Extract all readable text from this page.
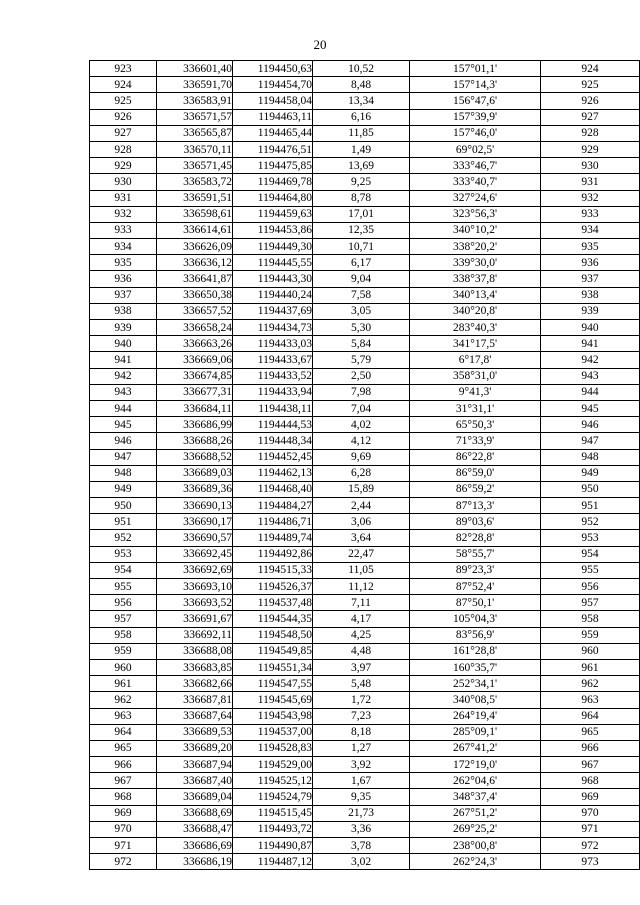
20
923	336601,40	1194450,63	10,52	157°01,1'	924
924	336591,70	1194454,70	8,48	157°14,3'	925
925	336583,91	1194458,04	13,34	156°47,6'	926
926	336571,57	1194463,11	6,16	157°39,9'	927
927	336565,87	1194465,44	11,85	157°46,0'	928
928	336570,11	1194476,51	1,49	69°02,5'	929
929	336571,45	1194475,85	13,69	333°46,7'	930
930	336583,72	1194469,78	9,25	333°40,7'	931
931	336591,51	1194464,80	8,78	327°24,6'	932
932	336598,61	1194459,63	17,01	323°56,3'	933
933	336614,61	1194453,86	12,35	340°10,2'	934
934	336626,09	1194449,30	10,71	338°20,2'	935
935	336636,12	1194445,55	6,17	339°30,0'	936
936	336641,87	1194443,30	9,04	338°37,8'	937
937	336650,38	1194440,24	7,58	340°13,4'	938
938	336657,52	1194437,69	3,05	340°20,8'	939
939	336658,24	1194434,73	5,30	283°40,3'	940
940	336663,26	1194433,03	5,84	341°17,5'	941
941	336669,06	1194433,67	5,79	6°17,8'	942
942	336674,85	1194433,52	2,50	358°31,0'	943
943	336677,31	1194433,94	7,98	9°41,3'	944
944	336684,11	1194438,11	7,04	31°31,1'	945
945	336686,99	1194444,53	4,02	65°50,3'	946
946	336688,26	1194448,34	4,12	71°33,9'	947
947	336688,52	1194452,45	9,69	86°22,8'	948
948	336689,03	1194462,13	6,28	86°59,0'	949
949	336689,36	1194468,40	15,89	86°59,2'	950
950	336690,13	1194484,27	2,44	87°13,3'	951
951	336690,17	1194486,71	3,06	89°03,6'	952
952	336690,57	1194489,74	3,64	82°28,8'	953
953	336692,45	1194492,86	22,47	58°55,7'	954
954	336692,69	1194515,33	11,05	89°23,3'	955
955	336693,10	1194526,37	11,12	87°52,4'	956
956	336693,52	1194537,48	7,11	87°50,1'	957
957	336691,67	1194544,35	4,17	105°04,3'	958
958	336692,11	1194548,50	4,25	83°56,9'	959
959	336688,08	1194549,85	4,48	161°28,8'	960
960	336683,85	1194551,34	3,97	160°35,7'	961
961	336682,66	1194547,55	5,48	252°34,1'	962
962	336687,81	1194545,69	1,72	340°08,5'	963
963	336687,64	1194543,98	7,23	264°19,4'	964
964	336689,53	1194537,00	8,18	285°09,1'	965
965	336689,20	1194528,83	1,27	267°41,2'	966
966	336687,94	1194529,00	3,92	172°19,0'	967
967	336687,40	1194525,12	1,67	262°04,6'	968
968	336689,04	1194524,79	9,35	348°37,4'	969
969	336688,69	1194515,45	21,73	267°51,2'	970
970	336688,47	1194493,72	3,36	269°25,2'	971
971	336686,69	1194490,87	3,78	238°00,8'	972
972	336686,19	1194487,12	3,02	262°24,3'	973
